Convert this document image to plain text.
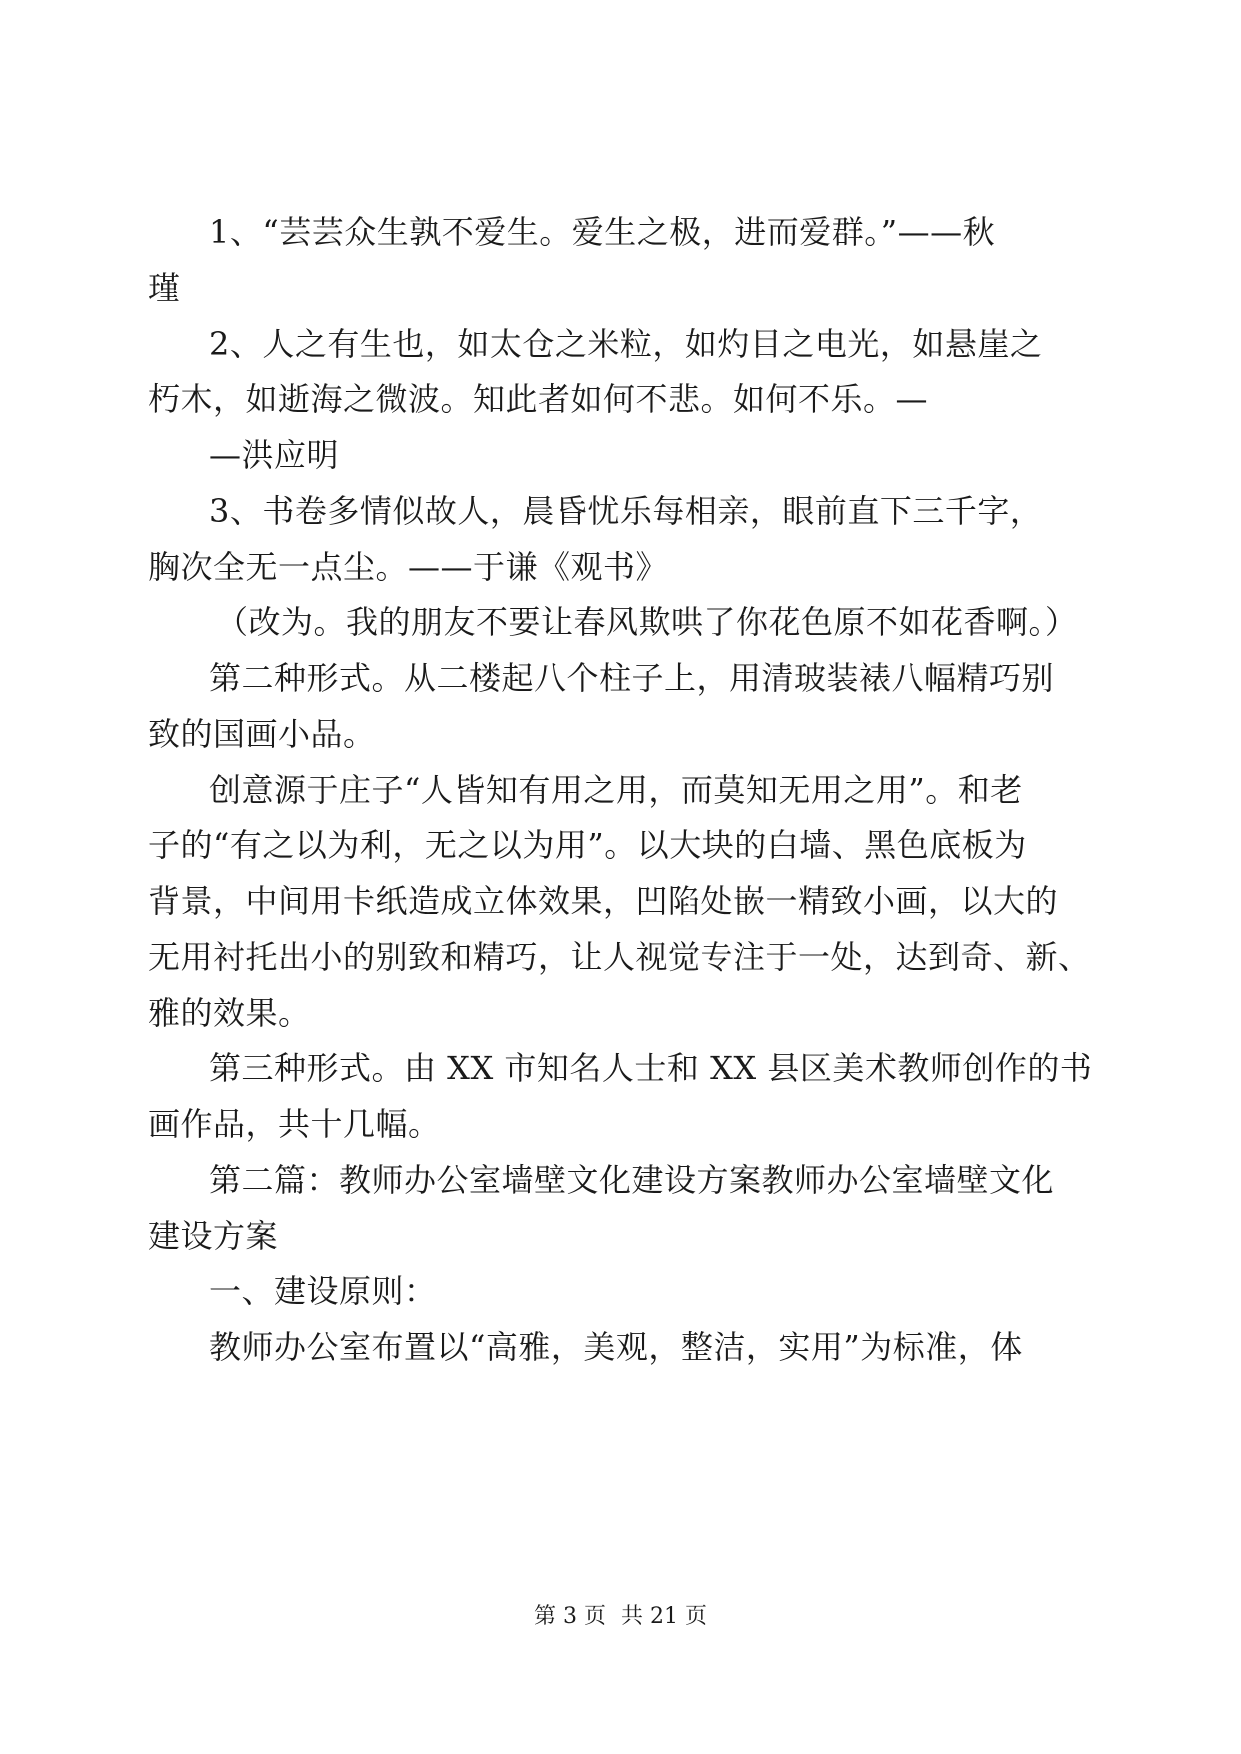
1、“芸芸众生孰不爱生。爱生之极，进而爱群。”——秋
瑾
2、人之有生也，如太仓之米粒，如灼目之电光，如悬崖之
朽木，如逝海之微波。知此者如何不悲。如何不乐。—
—洪应明
3、书卷多情似故人，晨昏忧乐每相亲，眼前直下三千字，
胸次全无一点尘。——于谦《观书》
（改为。我的朋友不要让春风欺哄了你花色原不如花香啊。）
第二种形式。从二楼起八个柱子上，用清玻装裱八幅精巧别
致的国画小品。
创意源于庄子“人皆知有用之用，而莫知无用之用”。和老
子的“有之以为利，无之以为用”。以大块的白墙、黑色底板为
背景，中间用卡纸造成立体效果，凹陷处嵌一精致小画，以大的
无用衬托出小的别致和精巧，让人视觉专注于一处，达到奇、新、
雅的效果。
第三种形式。由 XX 市知名人士和 XX 县区美术教师创作的书
画作品，共十几幅。
第二篇：教师办公室墙壁文化建设方案教师办公室墙壁文化
建设方案
一、建设原则：
教师办公室布置以“高雅，美观，整洁，实用”为标准，体
第 3 页 共 21 页
